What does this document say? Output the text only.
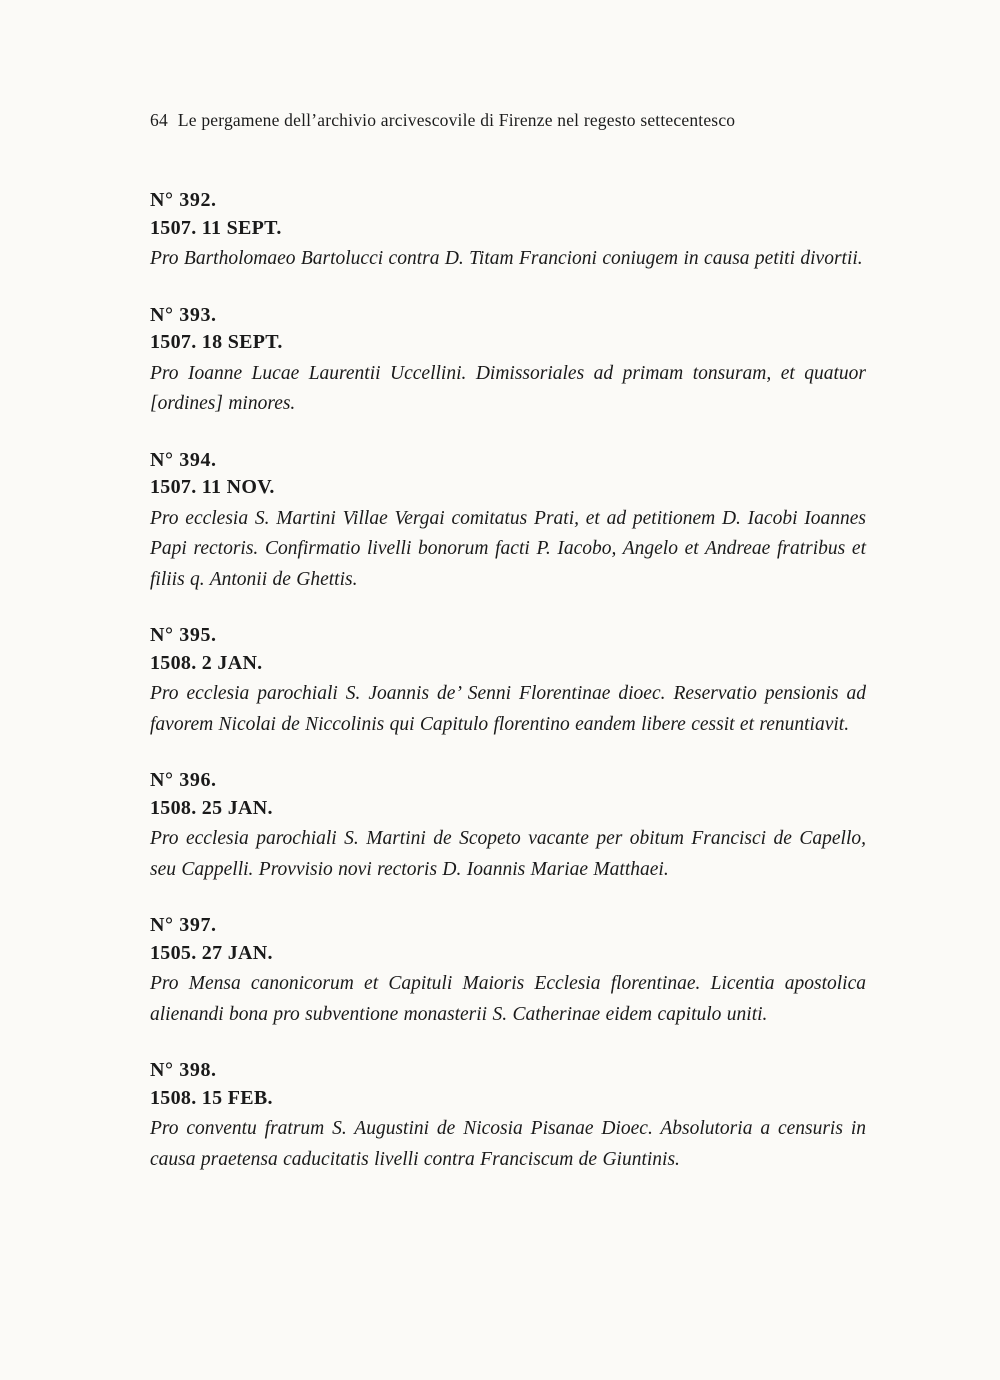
64 Le pergamene dell’archivio arcivescovile di Firenze nel regesto settecentesco
N° 392.
1507. 11 SEPT.
Pro Bartholomaeo Bartolucci contra D. Titam Francioni coniugem in causa petiti divortii.
N° 393.
1507. 18 SEPT.
Pro Ioanne Lucae Laurentii Uccellini. Dimissoriales ad primam tonsuram, et quatuor [ordines] minores.
N° 394.
1507. 11 NOV.
Pro ecclesia S. Martini Villae Vergai comitatus Prati, et ad petitionem D. Iacobi Ioannes Papi rectoris. Confirmatio livelli bonorum facti P. Iacobo, Angelo et Andreae fratribus et filiis q. Antonii de Ghettis.
N° 395.
1508. 2 JAN.
Pro ecclesia parochiali S. Joannis de’ Senni Florentinae dioec. Reservatio pensionis ad favorem Nicolai de Niccolinis qui Capitulo florentino eandem libere cessit et renuntiavit.
N° 396.
1508. 25 JAN.
Pro ecclesia parochiali S. Martini de Scopeto vacante per obitum Francisci de Capello, seu Cappelli. Provvisio novi rectoris D. Ioannis Mariae Matthaei.
N° 397.
1505. 27 JAN.
Pro Mensa canonicorum et Capituli Maioris Ecclesia florentinae. Licentia apostolica alienandi bona pro subventione monasterii S. Catherinae eidem capitulo uniti.
N° 398.
1508. 15 FEB.
Pro conventu fratrum S. Augustini de Nicosia Pisanae Dioec. Absolutoria a censuris in causa praetensa caducitatis livelli contra Franciscum de Giuntinis.
